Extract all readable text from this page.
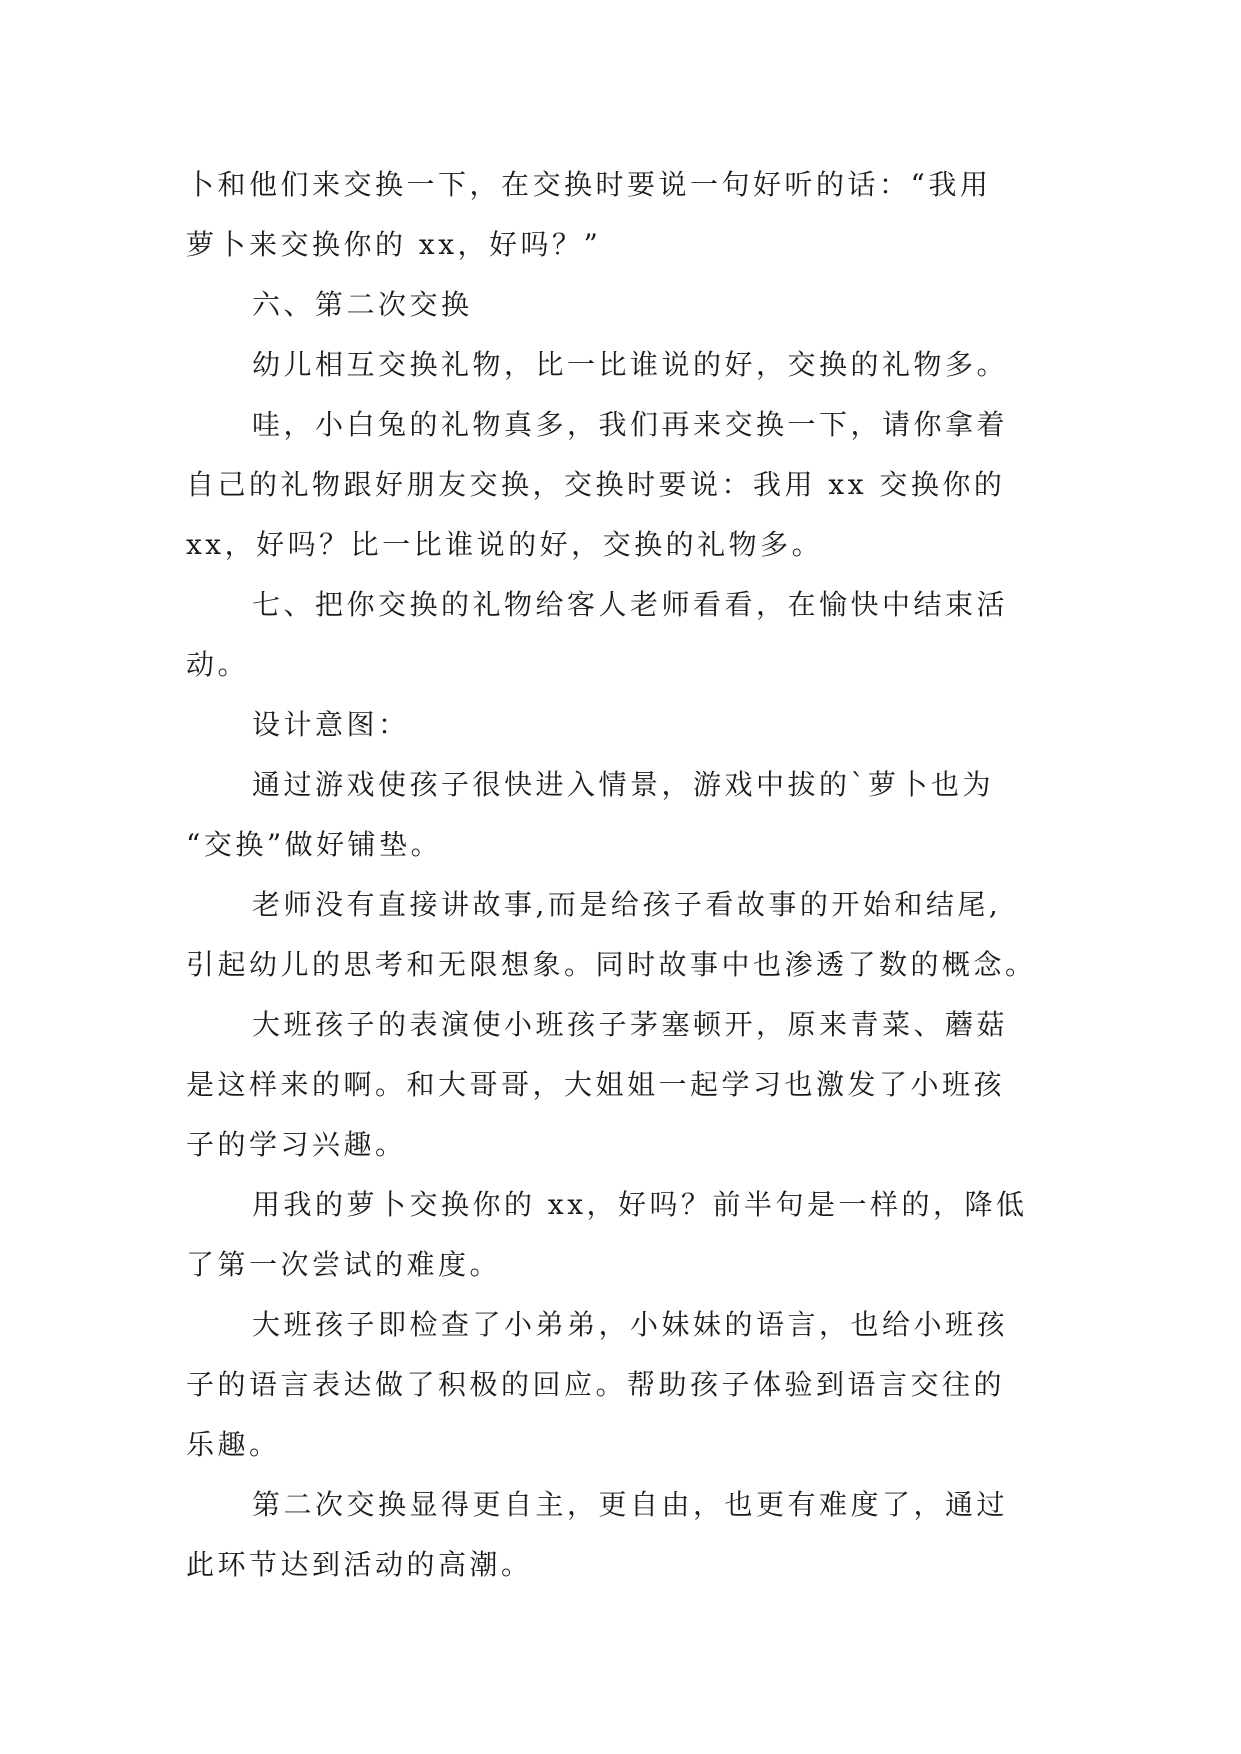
卜和他们来交换一下，在交换时要说一句好听的话：“我用
萝卜来交换你的 xx，好吗？”
六、第二次交换
幼儿相互交换礼物，比一比谁说的好，交换的礼物多。
哇，小白兔的礼物真多，我们再来交换一下，请你拿着
自己的礼物跟好朋友交换，交换时要说：我用 xx 交换你的
xx，好吗？比一比谁说的好，交换的礼物多。
七、把你交换的礼物给客人老师看看，在愉快中结束活
动。
设计意图：
通过游戏使孩子很快进入情景，游戏中拔的`萝卜也为
“交换”做好铺垫。
老师没有直接讲故事,而是给孩子看故事的开始和结尾,
引起幼儿的思考和无限想象。同时故事中也渗透了数的概念。
大班孩子的表演使小班孩子茅塞顿开，原来青菜、蘑菇
是这样来的啊。和大哥哥，大姐姐一起学习也激发了小班孩
子的学习兴趣。
用我的萝卜交换你的 xx，好吗？前半句是一样的，降低
了第一次尝试的难度。
大班孩子即检查了小弟弟，小妹妹的语言，也给小班孩
子的语言表达做了积极的回应。帮助孩子体验到语言交往的
乐趣。
第二次交换显得更自主，更自由，也更有难度了，通过
此环节达到活动的高潮。
